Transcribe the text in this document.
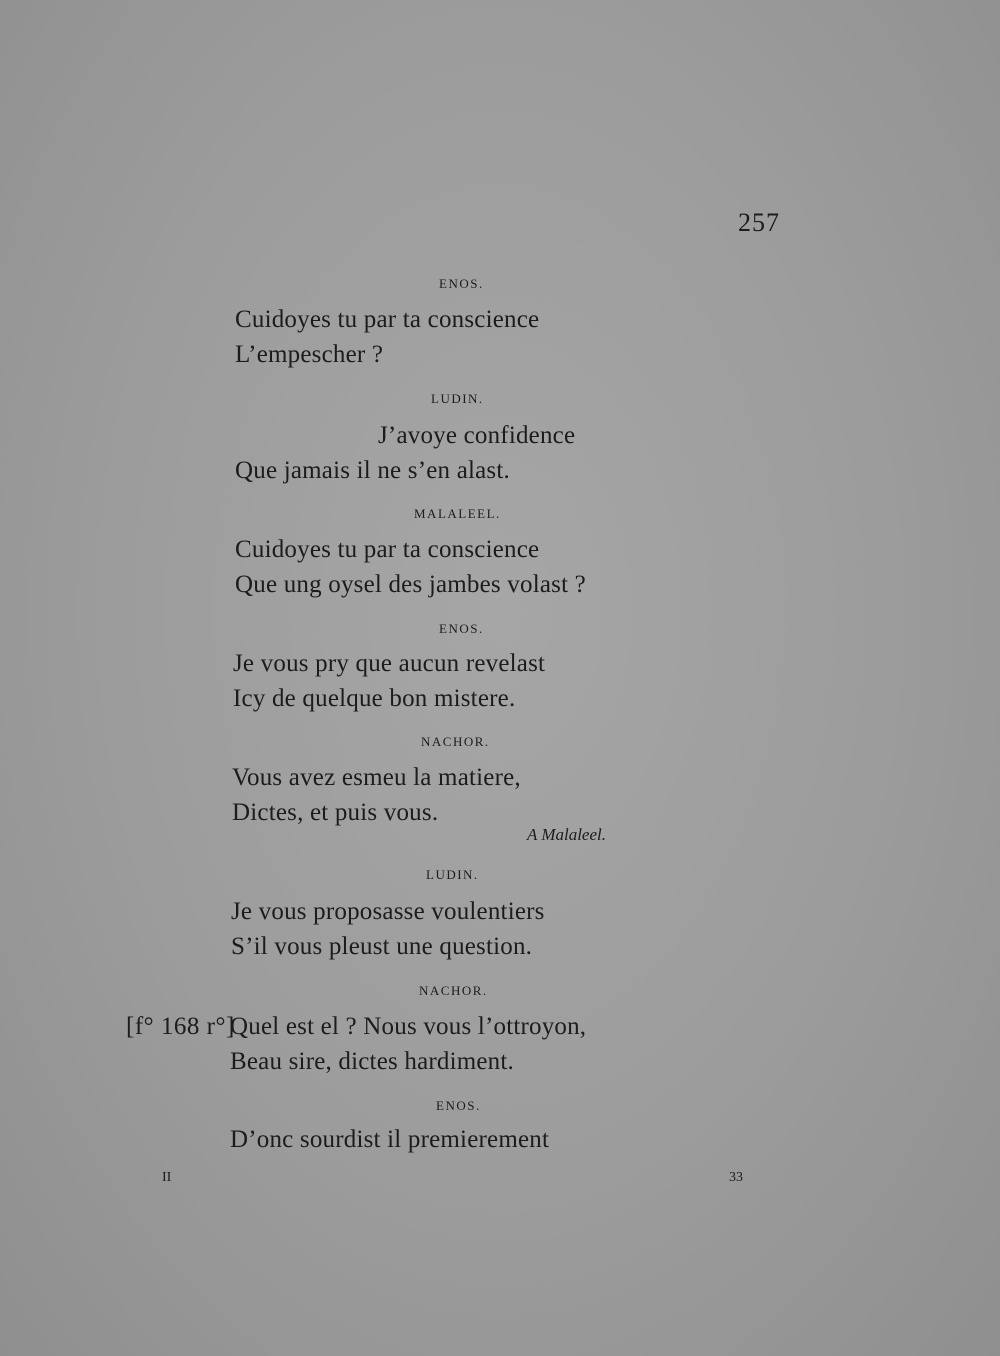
257
ENOS.
Cuidoyes tu par ta conscience
L’empescher ?
LUDIN.
J’avoye confidence
Que jamais il ne s’en alast.
MALALEEL.
Cuidoyes tu par ta conscience
Que ung oysel des jambes volast ?
ENOS.
Je vous pry que aucun revelast
Icy de quelque bon mistere.
NACHOR.
Vous avez esmeu la matiere,
Dictes, et puis vous.
A Malaleel.
LUDIN.
Je vous proposasse voulentiers
S’il vous pleust une question.
NACHOR.
[f° 168 r°]
Quel est el ? Nous vous l’ottroyon,
Beau sire, dictes hardiment.
ENOS.
D’onc sourdist il premierement
II	33
